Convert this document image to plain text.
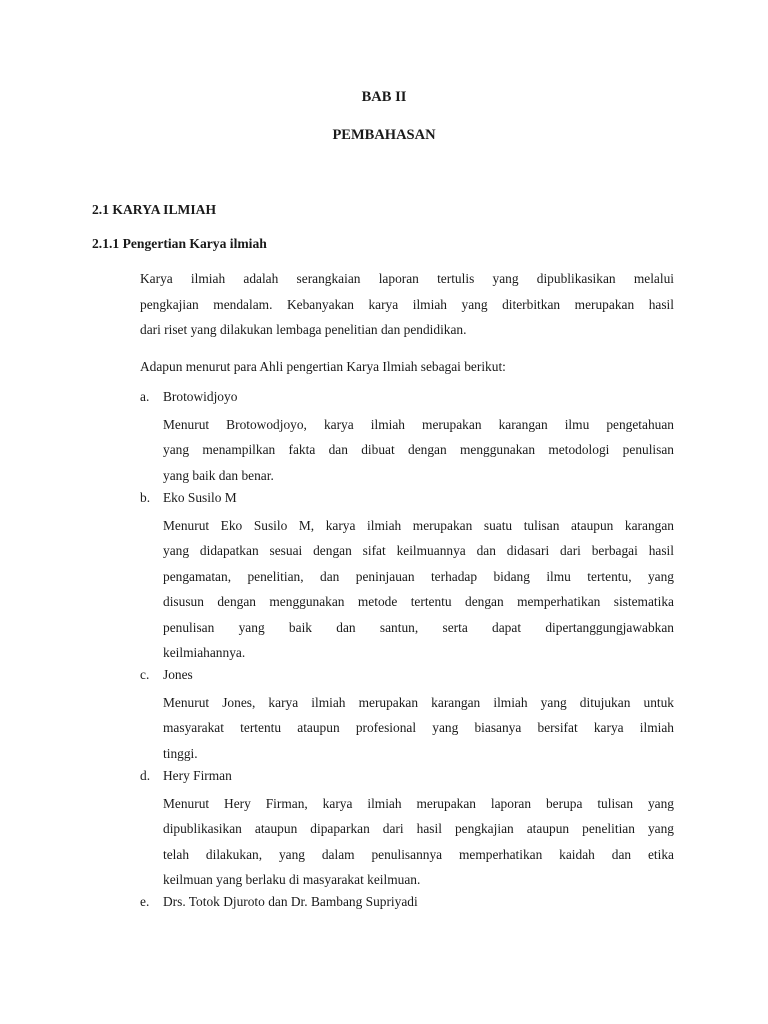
BAB II
PEMBAHASAN
2.1 KARYA ILMIAH
2.1.1 Pengertian Karya ilmiah
Karya ilmiah adalah serangkaian laporan tertulis yang dipublikasikan melalui
pengkajian mendalam. Kebanyakan karya ilmiah yang diterbitkan merupakan hasil
dari riset yang dilakukan lembaga penelitian dan pendidikan.
Adapun menurut para Ahli pengertian Karya Ilmiah sebagai berikut:
a. Brotowidjoyo
Menurut Brotowodjoyo, karya ilmiah merupakan karangan ilmu pengetahuan
yang menampilkan fakta dan dibuat dengan menggunakan metodologi penulisan
yang baik dan benar.
b. Eko Susilo M
Menurut Eko Susilo M, karya ilmiah merupakan suatu tulisan ataupun karangan
yang didapatkan sesuai dengan sifat keilmuannya dan didasari dari berbagai hasil
pengamatan, penelitian, dan peninjauan terhadap bidang ilmu tertentu, yang
disusun dengan menggunakan metode tertentu dengan memperhatikan sistematika
penulisan yang baik dan santun, serta dapat dipertanggungjawabkan
keilmiahannya.
c. Jones
Menurut Jones, karya ilmiah merupakan karangan ilmiah yang ditujukan untuk
masyarakat tertentu ataupun profesional yang biasanya bersifat karya ilmiah
tinggi.
d. Hery Firman
Menurut Hery Firman, karya ilmiah merupakan laporan berupa tulisan yang
dipublikasikan ataupun dipaparkan dari hasil pengkajian ataupun penelitian yang
telah dilakukan, yang dalam penulisannya memperhatikan kaidah dan etika
keilmuan yang berlaku di masyarakat keilmuan.
e. Drs. Totok Djuroto dan Dr. Bambang Supriyadi
